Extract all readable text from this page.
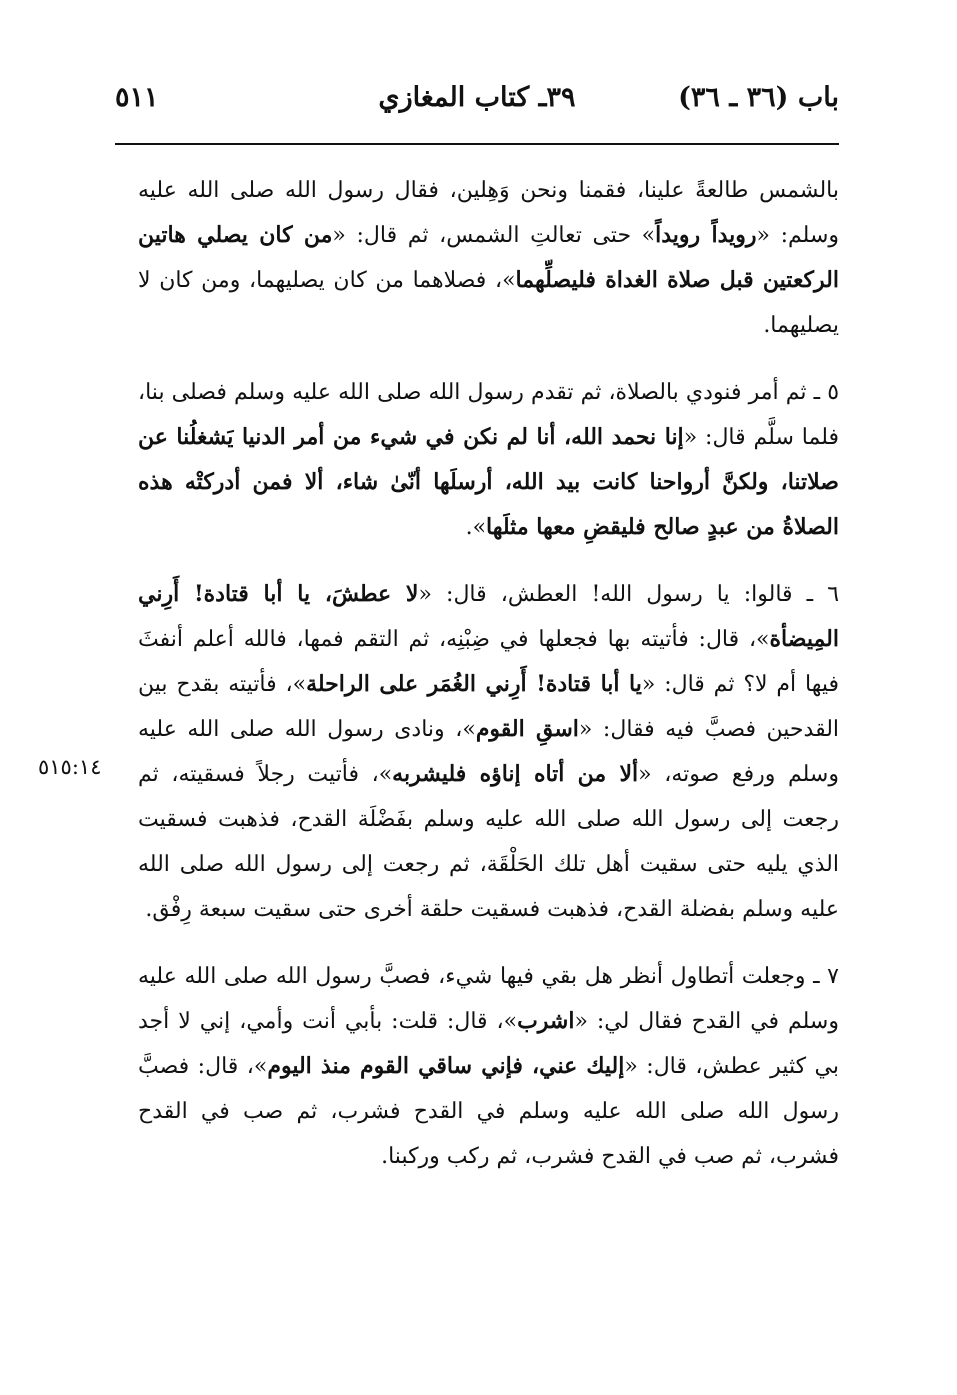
باب (٣٦ ـ ٣٦)
٣٩ـ كتاب المغازي
٥١١

بالشمس طالعةً علينا، فقمنا ونحن وَهِلين، فقال رسول الله صلى الله عليه وسلم: «رويداً رويداً» حتى تعالتِ الشمس، ثم قال: «من كان يصلي هاتين الركعتين قبل صلاة الغداة فليصلِّهما»، فصلاهما من كان يصليهما، ومن كان لا يصليهما.

٥ ـ ثم أمر فنودي بالصلاة، ثم تقدم رسول الله صلى الله عليه وسلم فصلى بنا، فلما سلَّم قال: «إنا نحمد الله، أنا لم نكن في شيء من أمر الدنيا يَشغلُنا عن صلاتنا، ولكنَّ أرواحنا كانت بيد الله، أرسلَها أنّىٰ شاء، ألا فمن أدركتْه هذه الصلاةُ من عبدٍ صالح فليقضِ معها مثلَها».

٦ ـ قالوا: يا رسول الله! العطش، قال: «لا عطشَ، يا أبا قتادة! أَرِني المِيضأة»، قال: فأتيته بها فجعلها في ضِبْنِه، ثم التقم فمها، فالله أعلم أنفثَ فيها أم لا؟ ثم قال: «يا أبا قتادة! أَرِني الغُمَر على الراحلة»، فأتيته بقدح بين القدحين فصبَّ فيه فقال: «اسقِ القوم»، ونادى رسول الله صلى الله عليه وسلم ورفع صوته، «ألا من أتاه إناؤه فليشربه»، فأتيت رجلاً فسقيته، ثم رجعت إلى رسول الله صلى الله عليه وسلم بفَضْلَة القدح، فذهبت فسقيت الذي يليه حتى سقيت أهل تلك الحَلْقَة، ثم رجعت إلى رسول الله صلى الله عليه وسلم بفضلة القدح، فذهبت فسقيت حلقة أخرى حتى سقيت سبعة رِفْق.

٧ ـ وجعلت أتطاول أنظر هل بقي فيها شيء، فصبَّ رسول الله صلى الله عليه وسلم في القدح فقال لي: «اشرب»، قال: قلت: بأبي أنت وأمي، إني لا أجد بي كثير عطش، قال: «إليك عني، فإني ساقي القوم منذ اليوم»، قال: فصبَّ رسول الله صلى الله عليه وسلم في القدح فشرب، ثم صب في القدح فشرب، ثم صب في القدح فشرب، ثم ركب وركبنا.

٥١٥:١٤
